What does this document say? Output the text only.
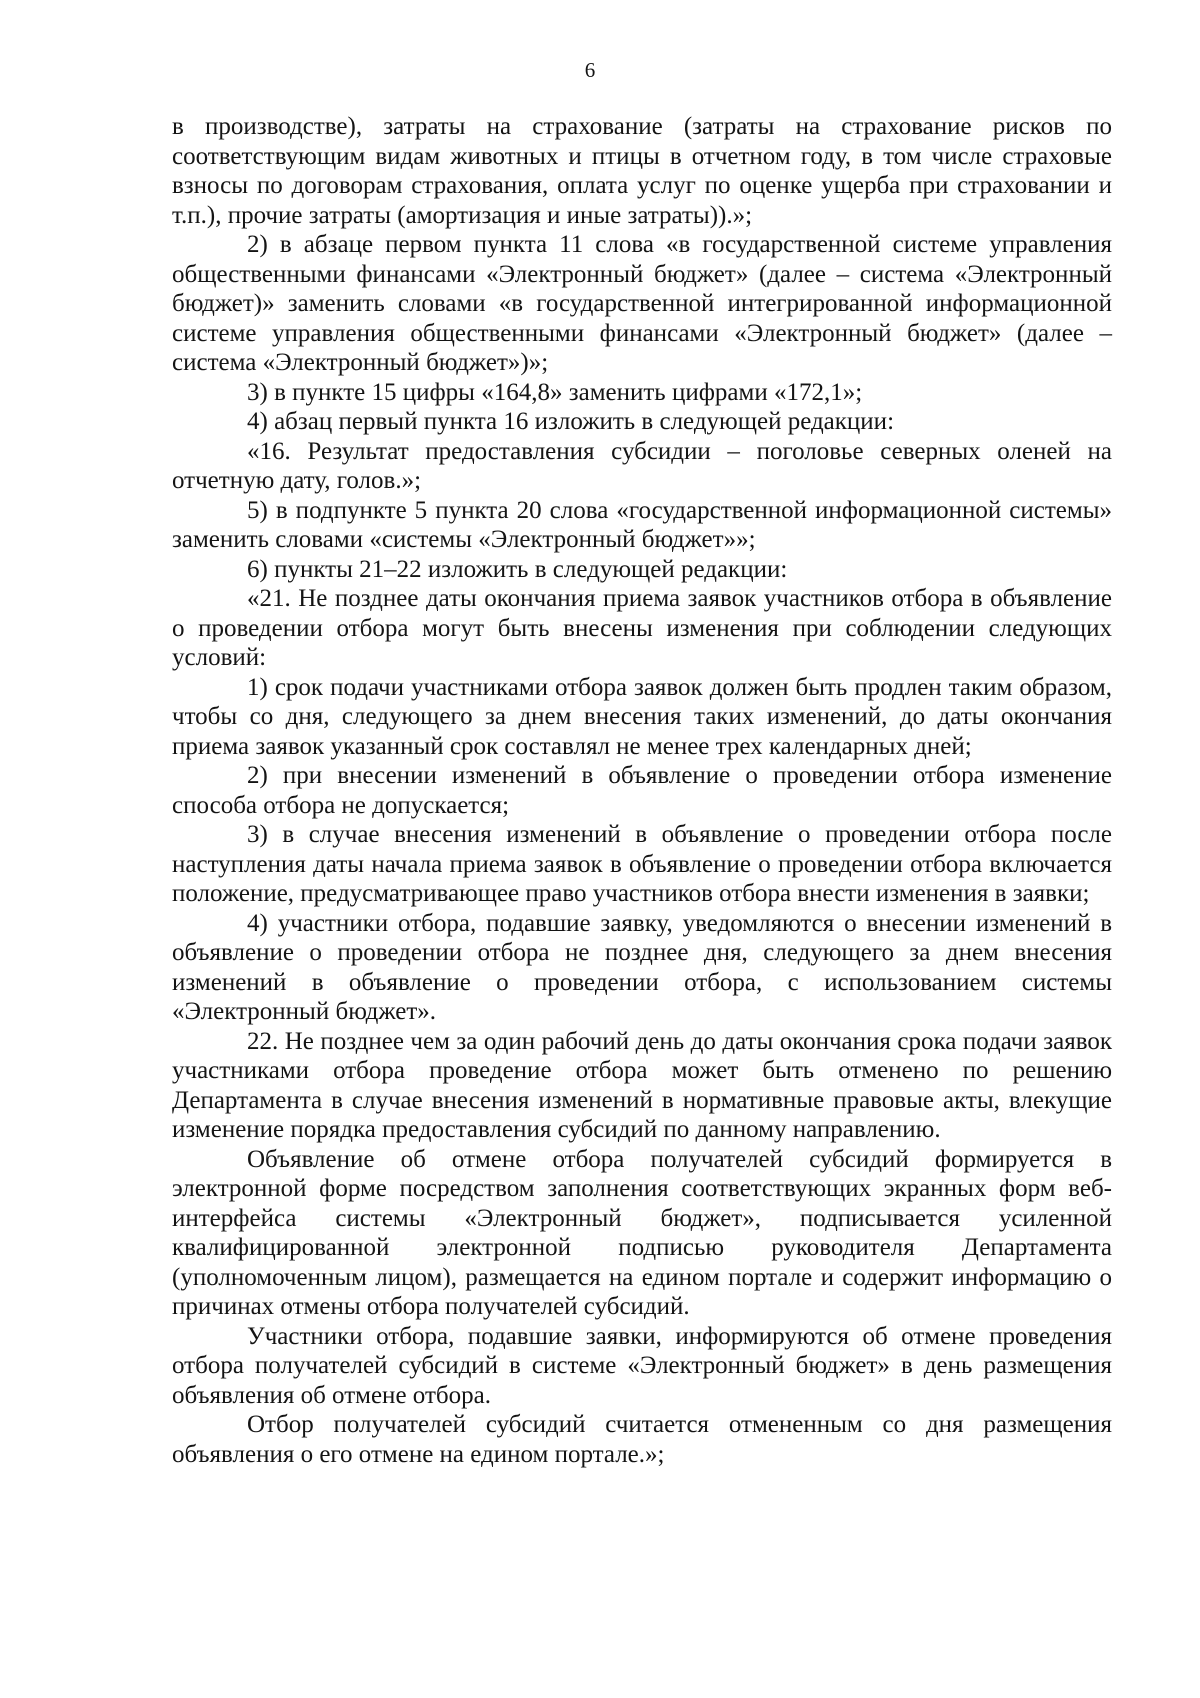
6

в производстве), затраты на страхование (затраты на страхование рисков по соответствующим видам животных и птицы в отчетном году, в том числе страховые взносы по договорам страхования, оплата услуг по оценке ущерба при страховании и т.п.), прочие затраты (амортизация и иные затраты)).»;

2) в абзаце первом пункта 11 слова «в государственной системе управления общественными финансами «Электронный бюджет» (далее – система «Электронный бюджет)» заменить словами «в государственной интегрированной информационной системе управления общественными финансами «Электронный бюджет» (далее – система «Электронный бюджет»)»;

3) в пункте 15 цифры «164,8» заменить цифрами «172,1»;

4) абзац первый пункта 16 изложить в следующей редакции:

«16. Результат предоставления субсидии – поголовье северных оленей на отчетную дату, голов.»;

5) в подпункте 5 пункта 20 слова «государственной информационной системы» заменить словами «системы «Электронный бюджет»»;

6) пункты 21–22 изложить в следующей редакции:

«21. Не позднее даты окончания приема заявок участников отбора в объявление о проведении отбора могут быть внесены изменения при соблюдении следующих условий:

1) срок подачи участниками отбора заявок должен быть продлен таким образом, чтобы со дня, следующего за днем внесения таких изменений, до даты окончания приема заявок указанный срок составлял не менее трех календарных дней;

2) при внесении изменений в объявление о проведении отбора изменение способа отбора не допускается;

3) в случае внесения изменений в объявление о проведении отбора после наступления даты начала приема заявок в объявление о проведении отбора включается положение, предусматривающее право участников отбора внести изменения в заявки;

4) участники отбора, подавшие заявку, уведомляются о внесении изменений в объявление о проведении отбора не позднее дня, следующего за днем внесения изменений в объявление о проведении отбора, с использованием системы «Электронный бюджет».

22. Не позднее чем за один рабочий день до даты окончания срока подачи заявок участниками отбора проведение отбора может быть отменено по решению Департамента в случае внесения изменений в нормативные правовые акты, влекущие изменение порядка предоставления субсидий по данному направлению.

Объявление об отмене отбора получателей субсидий формируется в электронной форме посредством заполнения соответствующих экранных форм веб-интерфейса системы «Электронный бюджет», подписывается усиленной квалифицированной электронной подписью руководителя Департамента (уполномоченным лицом), размещается на едином портале и содержит информацию о причинах отмены отбора получателей субсидий.

Участники отбора, подавшие заявки, информируются об отмене проведения отбора получателей субсидий в системе «Электронный бюджет» в день размещения объявления об отмене отбора.

Отбор получателей субсидий считается отмененным со дня размещения объявления о его отмене на едином портале.»;
